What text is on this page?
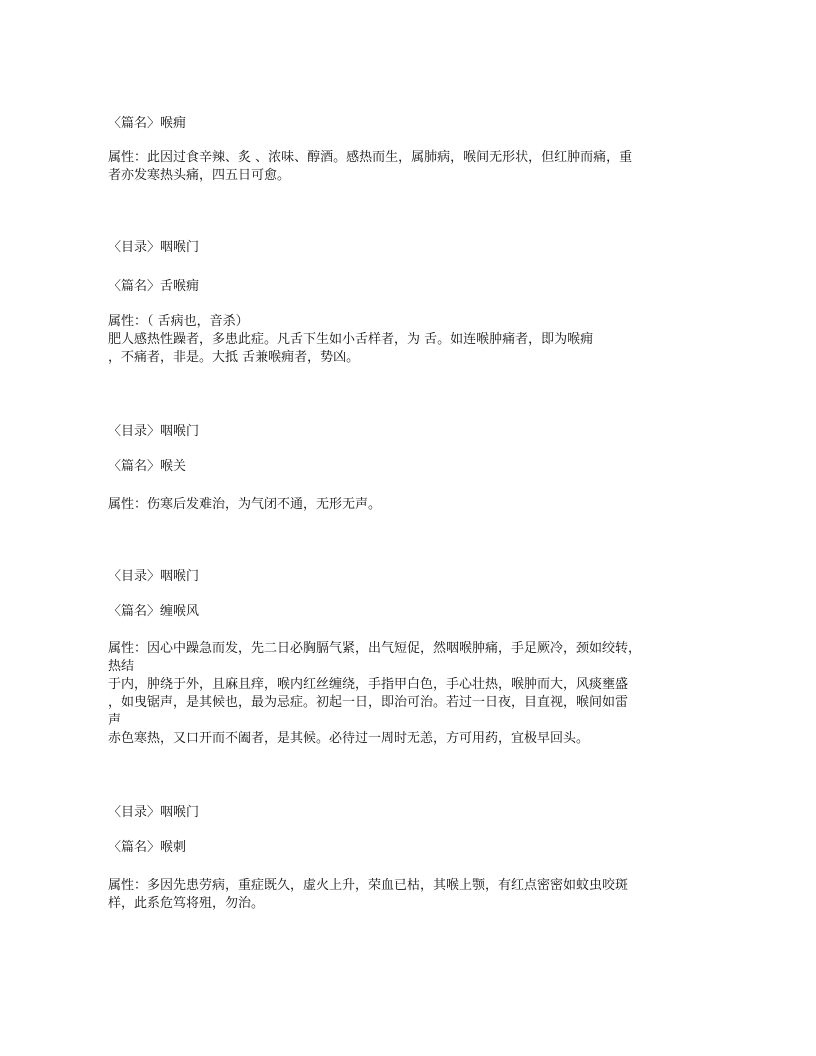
〈篇名〉喉痈
属性：此因过食辛辣、炙 、浓味、醇酒。感热而生，属肺病，喉间无形状，但红肿而痛，重
者亦发寒热头痛，四五日可愈。
〈目录〉咽喉门
〈篇名〉舌喉痈
属性：（ 舌病也，音杀）
肥人感热性躁者，多患此症。凡舌下生如小舌样者，为 舌。如连喉肿痛者，即为喉痈
，不痛者，非是。大抵 舌兼喉痈者，势凶。
〈目录〉咽喉门
〈篇名〉喉关
属性：伤寒后发难治，为气闭不通，无形无声。
〈目录〉咽喉门
〈篇名〉缠喉风
属性：因心中躁急而发，先二日必胸膈气紧，出气短促，然咽喉肿痛，手足厥冷，颈如绞转，
热结
于内，肿绕于外，且麻且痒，喉内红丝缠绕，手指甲白色，手心壮热，喉肿而大，风痰壅盛
，如曳锯声，是其候也，最为忌症。初起一日，即治可治。若过一日夜，目直视，喉间如雷
声
赤色寒热，又口开而不阖者，是其候。必待过一周时无恙，方可用药，宜极早回头。
〈目录〉咽喉门
〈篇名〉喉刺
属性：多因先患劳病，重症既久，虚火上升，荣血已枯，其喉上颚，有红点密密如蚊虫咬斑
样，此系危笃将殂，勿治。
